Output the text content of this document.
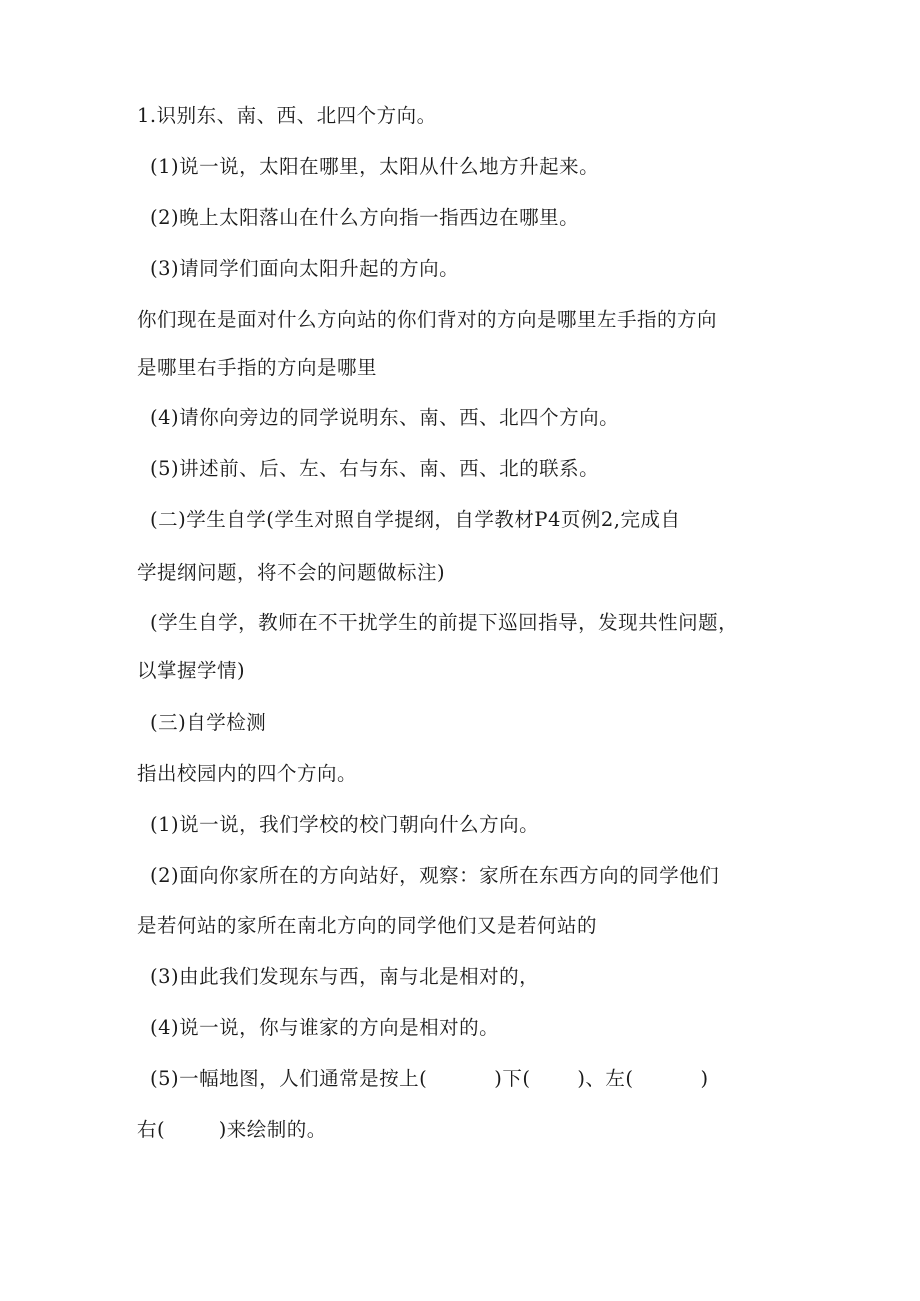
1.识别东、南、西、北四个方向。
(1)说一说，太阳在哪里，太阳从什么地方升起来。
(2)晚上太阳落山在什么方向指一指西边在哪里。
(3)请同学们面向太阳升起的方向。
你们现在是面对什么方向站的你们背对的方向是哪里左手指的方向
是哪里右手指的方向是哪里
(4)请你向旁边的同学说明东、南、西、北四个方向。
(5)讲述前、后、左、右与东、南、西、北的联系。
(二)学生自学(学生对照自学提纲，自学教材P4页例2,完成自
学提纲问题，将不会的问题做标注)
(学生自学，教师在不干扰学生的前提下巡回指导，发现共性问题，
以掌握学情)
(三)自学检测
指出校园内的四个方向。
(1)说一说，我们学校的校门朝向什么方向。
(2)面向你家所在的方向站好，观察：家所在东西方向的同学他们
是若何站的家所在南北方向的同学他们又是若何站的
(3)由此我们发现东与西，南与北是相对的，
(4)说一说，你与谁家的方向是相对的。
(5)一幅地图，人们通常是按上(          )下(       )、左(          )
右(        )来绘制的。
